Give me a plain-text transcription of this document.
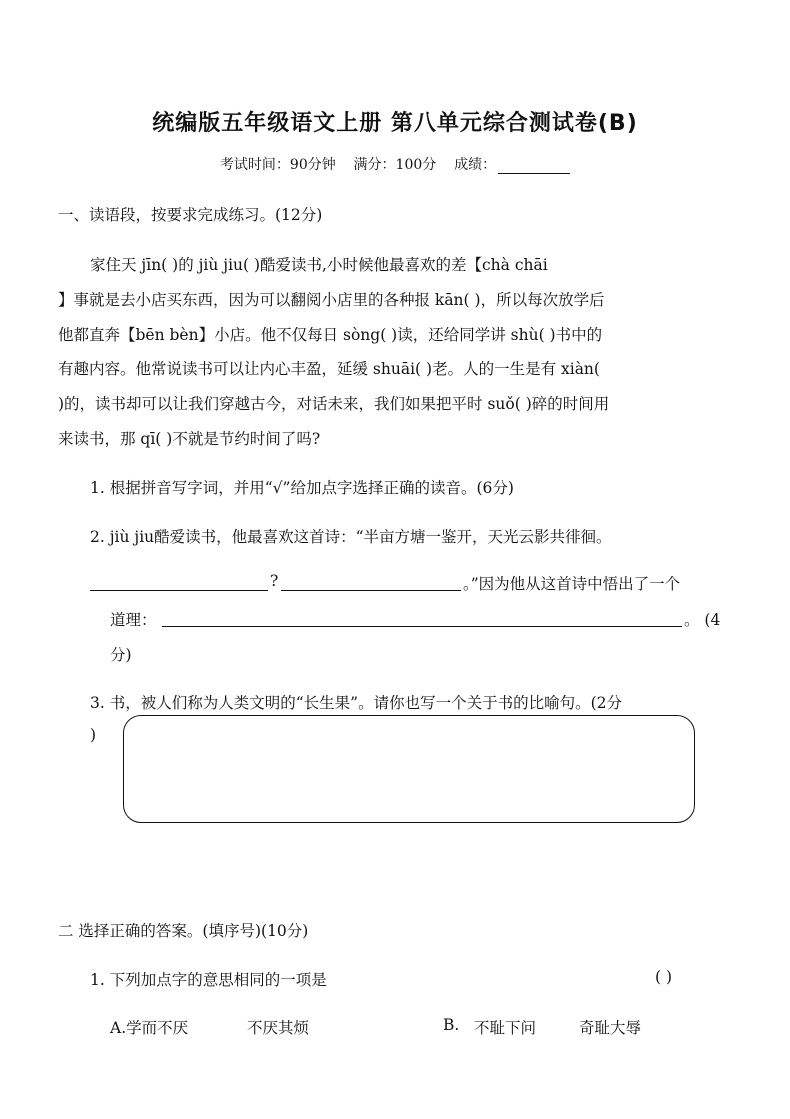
统编版五年级语文上册 第八单元综合测试卷(B)
考试时间：90分钟 满分：100分 成绩：
一、读语段，按要求完成练习。(12分)
家住天 jīn( )的 jiù jiu( )酷爱读书,小时候他最喜欢的差【chà chāi
】事就是去小店买东西，因为可以翻阅小店里的各种报 kān( )，所以每次放学后
他都直奔【bēn bèn】小店。他不仅每日 sòng( )读，还给同学讲 shù( )书中的
有趣内容。他常说读书可以让内心丰盈，延缓 shuāi( )老。人的一生是有 xiàn(
)的，读书却可以让我们穿越古今，对话未来，我们如果把平时 suǒ( )碎的时间用
来读书，那 qī( )不就是节约时间了吗?
1. 根据拼音写字词，并用“√”给加点字选择正确的读音。(6分)
2. jiù jiu酷爱读书，他最喜欢这首诗：“半亩方塘一鉴开，天光云影共徘徊。
?	。”因为他从这首诗中悟出了一个
道理：	。 (4
分)
3. 书，被人们称为人类文明的“长生果”。请你也写一个关于书的比喻句。(2分
)
二 选择正确的答案。(填序号)(10分)
1. 下列加点字的意思相同的一项是	( )
A.学而不厌	不厌其烦	B. 不耻下问	奇耻大辱
